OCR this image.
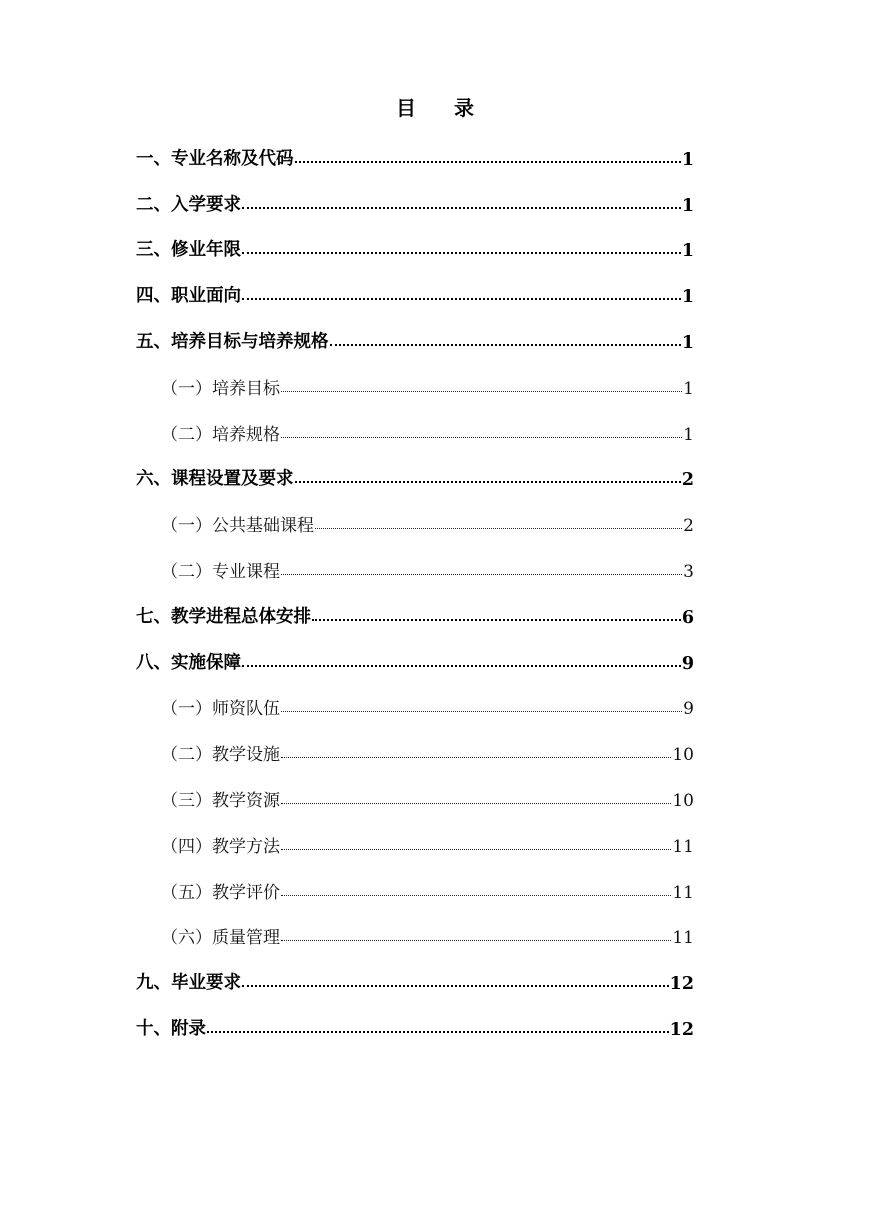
目 录
一、专业名称及代码	1
二、入学要求	1
三、修业年限	1
四、职业面向	1
五、培养目标与培养规格	1
（一）培养目标	1
（二）培养规格	1
六、课程设置及要求	2
（一）公共基础课程	2
（二）专业课程	3
七、教学进程总体安排	6
八、实施保障	9
（一）师资队伍	9
（二）教学设施	10
（三）教学资源	10
（四）教学方法	11
（五）教学评价	11
（六）质量管理	11
九、毕业要求	12
十、附录	12
